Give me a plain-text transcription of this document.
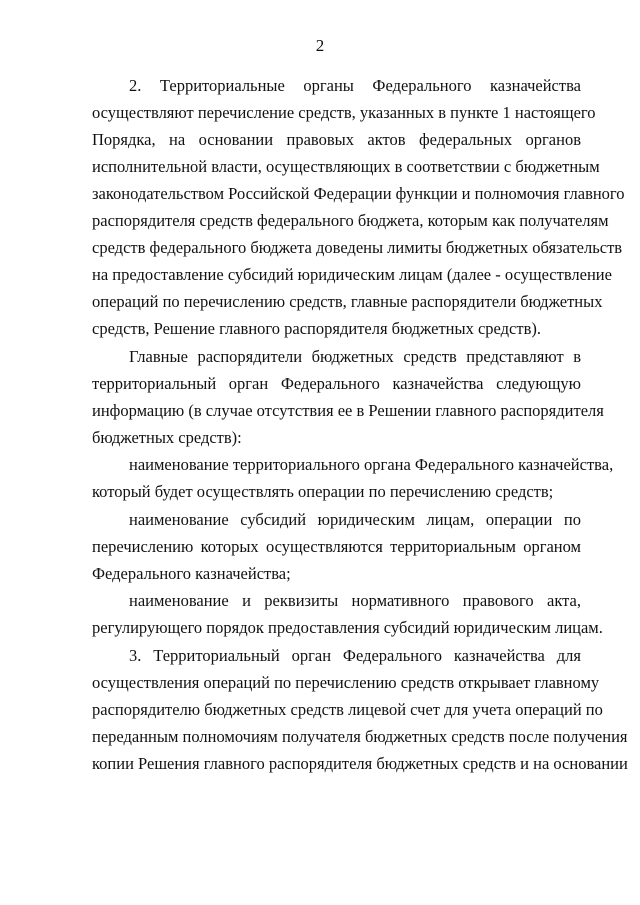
2
2. Территориальные органы Федерального казначейства
осуществляют перечисление средств, указанных в пункте 1 настоящего
Порядка, на основании правовых актов федеральных органов
исполнительной власти, осуществляющих в соответствии с бюджетным
законодательством Российской Федерации функции и полномочия главного
распорядителя средств федерального бюджета, которым как получателям
средств федерального бюджета доведены лимиты бюджетных обязательств
на предоставление субсидий юридическим лицам (далее - осуществление
операций по перечислению средств, главные распорядители бюджетных
средств, Решение главного распорядителя бюджетных средств).
Главные распорядители бюджетных средств представляют в
территориальный орган Федерального казначейства следующую
информацию (в случае отсутствия ее в Решении главного распорядителя
бюджетных средств):
наименование территориального органа Федерального казначейства,
который будет осуществлять операции по перечислению средств;
наименование субсидий юридическим лицам, операции по
перечислению которых осуществляются территориальным органом
Федерального казначейства;
наименование и реквизиты нормативного правового акта,
регулирующего порядок предоставления субсидий юридическим лицам.
3. Территориальный орган Федерального казначейства для
осуществления операций по перечислению средств открывает главному
распорядителю бюджетных средств лицевой счет для учета операций по
переданным полномочиям получателя бюджетных средств после получения
копии Решения главного распорядителя бюджетных средств и на основании
